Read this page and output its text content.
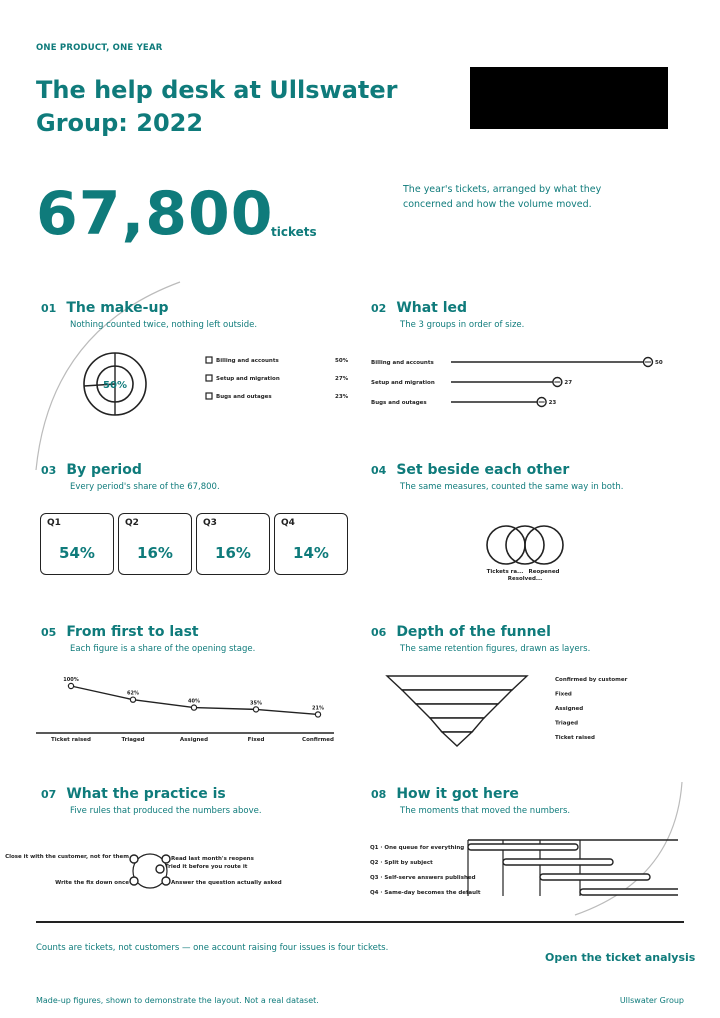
ONE PRODUCT, ONE YEAR
The help desk at Ullswater Group: 2022
67,800
tickets
The year's tickets, arranged by what they concerned and how the volume moved.
01 The make-up
Nothing counted twice, nothing left outside.
02 What led
The 3 groups in order of size.
03 By period
Every period's share of the 67,800.
04 Set beside each other
The same measures, counted the same way in both.
05 From first to last
Each figure is a share of the opening stage.
06 Depth of the funnel
The same retention figures, drawn as layers.
07 What the practice is
Five rules that produced the numbers above.
08 How it got here
The moments that moved the numbers.
50%
Billing and accounts	50%
Setup and migration	27%
Bugs and outages	23%
Billing and accounts	50
Setup and migration	27
Bugs and outages	23
Q1
54%
Q2
16%
Q3
16%
Q4
14%
Tickets ra... Reopened
Resolved...
100%
Ticket raised
62%
Triaged
40%
Assigned
35%
Fixed
21%
Confirmed
Confirmed by customer
Fixed
Assigned
Triaged
Ticket raised
Close it with the customer, not for them	Read last month's reopens
Tried it before you route it
Write the fix down once	Answer the question actually asked
Q1 · One queue for everything
Q2 · Split by subject
Q3 · Self-serve answers published
Q4 · Same-day becomes the default
Counts are tickets, not customers — one account raising four issues is four tickets.
Open the ticket analysis
Made-up figures, shown to demonstrate the layout. Not a real dataset.	Ullswater Group
